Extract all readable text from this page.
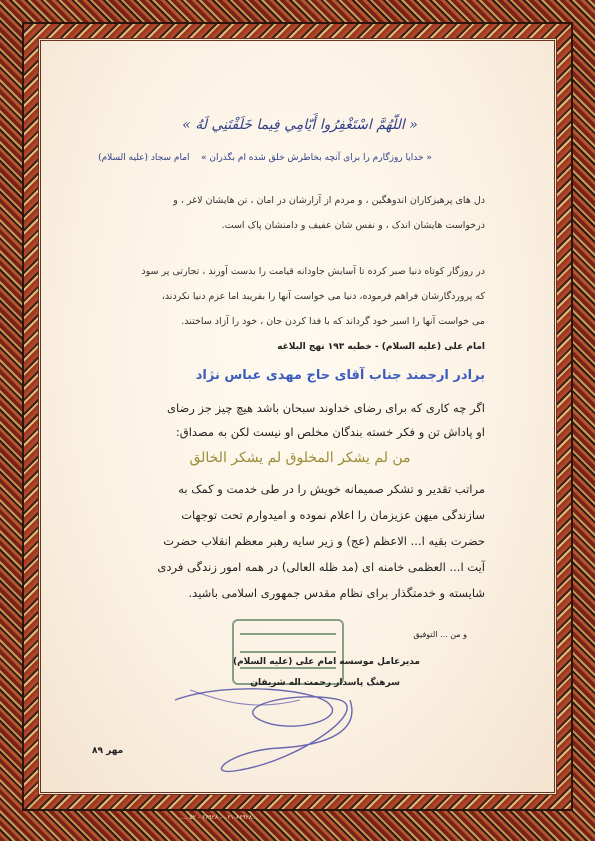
...۰۲۱-۶۶۹۲۸ - ۶۶۹۲۸ - ۵۲ ....
« اللّهُمَّ اسْتَغْفِرُوا أَيّامِي فِيما خَلَقْتَنِي لَهُ »
« خدایا روزگارم را برای آنچه بخاطرش خلق شده ام بگذران »    امام سجاد (علیه السلام)
دل های پرهیزکاران اندوهگین ، و مردم از آزارشان در امان ، تن هایشان لاغر ، و
درخواست هایشان اندک ، و نفس شان عفیف و دامنشان پاک است.
در روزگار کوتاه دنیا صبر کرده تا آسایش جاودانه قیامت را بدست آورند ، تجارتی پر سود
که پروردگارشان فراهم فرموده، دنیا می خواست آنها را بفریبد اما عزم دنیا نکردند،
می خواست آنها را اسیر خود گرداند که با فدا کردن جان ، خود را آزاد ساختند.
امام علی (علیه السلام) - خطبه ۱۹۳ نهج البلاغه
برادر ارجمند جناب آقای حاج مهدی عباس نژاد
اگر چه کاری که برای رضای خداوند سبحان باشد هیچ چیز جز رضای
او پاداش تن و فکر خسته بندگان مخلص او نیست لکن به مصداق:
من لم یشکر المخلوق لم یشکر الخالق
مراتب تقدیر و تشکر صمیمانه خویش را در طی خدمت و کمک به
سازندگی میهن عزیزمان را اعلام نموده و امیدوارم تحت توجهات
حضرت بقیه ا... الاعظم (عج) و زیر سایه رهبر معظم انقلاب حضرت
آیت ا... العظمی خامنه ای (مد ظله العالی) در همه امور زندگی فردی
شایسته و خدمتگذار برای نظام مقدس جمهوری اسلامی باشید.
و من ... التوفیق
مدیرعامل موسسه امام علی (علیه السلام)
سرهنگ پاسدار رحمت اله شریفان
مهر ۸۹
